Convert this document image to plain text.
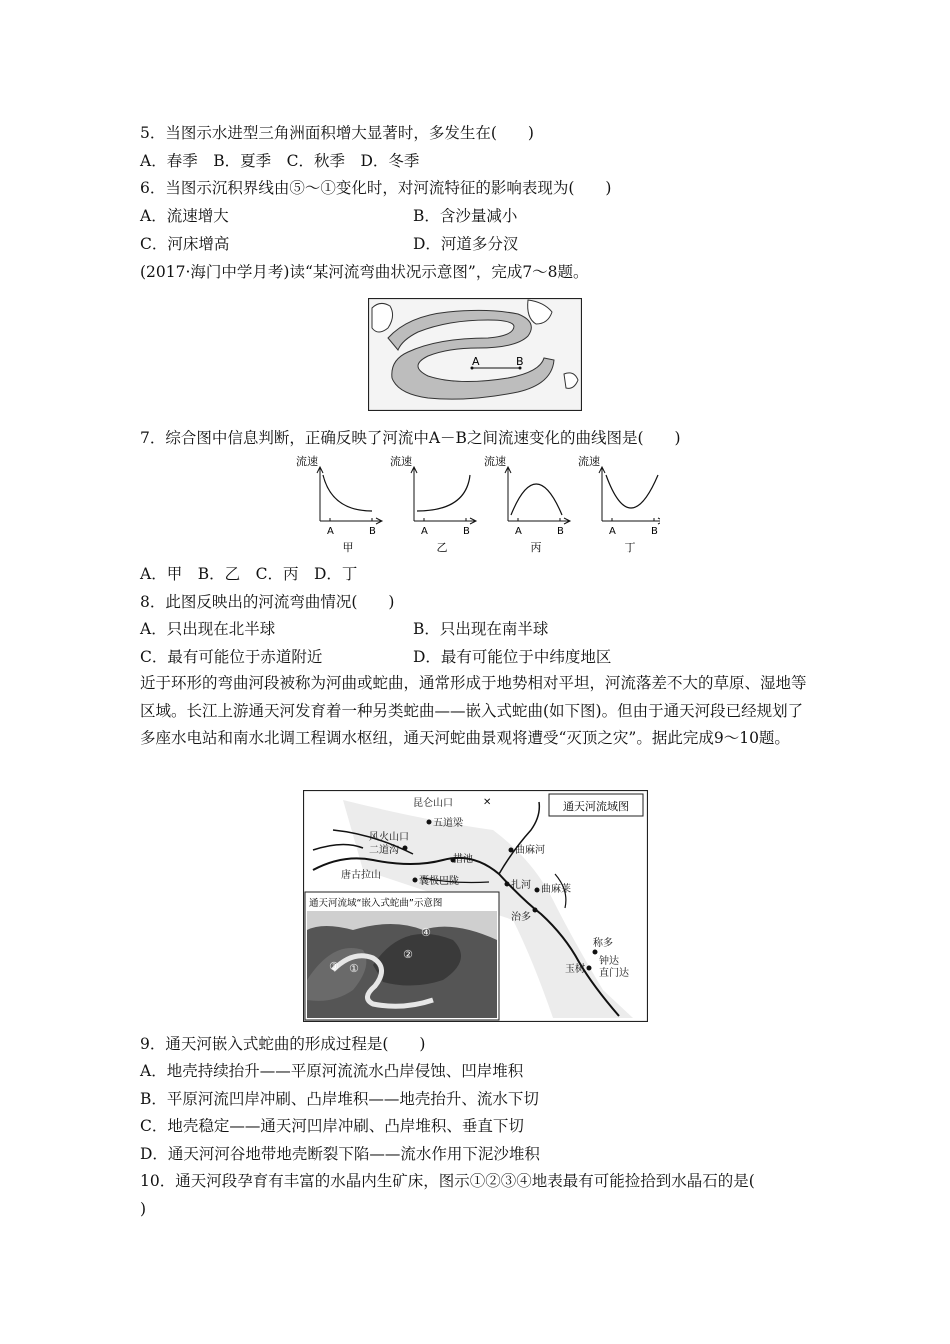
5．当图示水进型三角洲面积增大显著时，多发生在(　　)
A．春季　B．夏季　C．秋季　D．冬季
6．当图示沉积界线由⑤～①变化时，对河流特征的影响表现为(　　)
A．流速增大	B．含沙量减小
C．河床增高	D．河道多分汊
(2017·海门中学月考)读“某河流弯曲状况示意图”，完成7～8题。
A	B
7．综合图中信息判断，正确反映了河流中A－B之间流速变化的曲线图是(　　)
流速
A	B
甲
流速
A	B
乙
流速
A	B
丙
流速
A	B
丁
A．甲　B．乙　C．丙　D．丁
8．此图反映出的河流弯曲情况(　　)
A．只出现在北半球	B．只出现在南半球
C．最有可能位于赤道附近	D．最有可能位于中纬度地区
近于环形的弯曲河段被称为河曲或蛇曲，通常形成于地势相对平坦，河流落差不大的草原、湿地等区域。长江上游通天河发育着一种另类蛇曲——嵌入式蛇曲(如下图)。但由于通天河段已经规划了多座水电站和南水北调工程调水枢纽，通天河蛇曲景观将遭受“灭顶之灾”。据此完成9～10题。
通天河流域图
昆仑山口	✕
五道梁
风火山口
二道沟
措池
曲麻河
唐古拉山
囊极巴陇	扎河 曲麻莱
治多
称多
钟达
玉树 直门达
通天河流域“嵌入式蛇曲”示意图
④
②
③ ①
9．通天河嵌入式蛇曲的形成过程是(　　)
A．地壳持续抬升——平原河流流水凸岸侵蚀、凹岸堆积
B．平原河流凹岸冲刷、凸岸堆积——地壳抬升、流水下切
C．地壳稳定——通天河凹岸冲刷、凸岸堆积、垂直下切
D．通天河河谷地带地壳断裂下陷——流水作用下泥沙堆积
10．通天河段孕育有丰富的水晶内生矿床，图示①②③④地表最有可能捡拾到水晶石的是(
)
